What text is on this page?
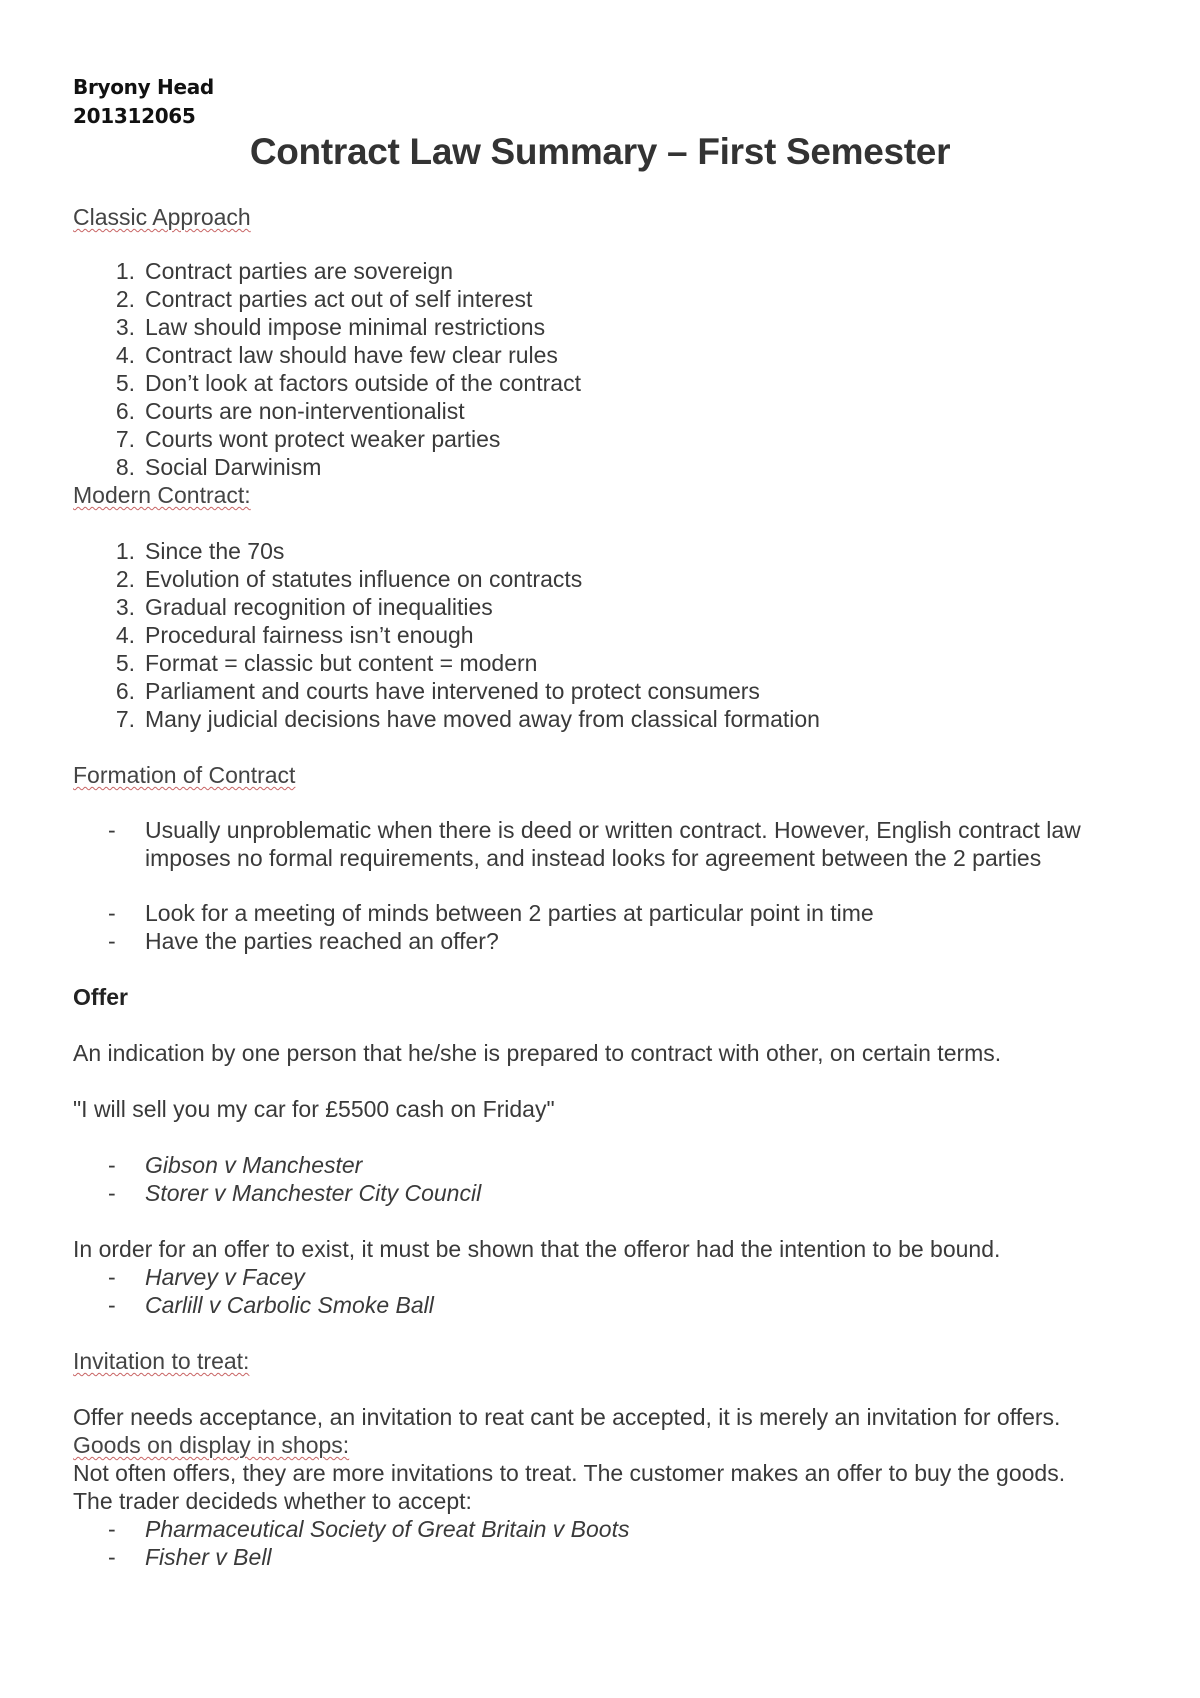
Bryony Head
201312065
Contract Law Summary – First Semester
Classic Approach
1. Contract parties are sovereign
2. Contract parties act out of self interest
3. Law should impose minimal restrictions
4. Contract law should have few clear rules
5. Don’t look at factors outside of the contract
6. Courts are non-interventionalist
7. Courts wont protect weaker parties
8. Social Darwinism
Modern Contract:
1. Since the 70s
2. Evolution of statutes influence on contracts
3. Gradual recognition of inequalities
4. Procedural fairness isn’t enough
5. Format = classic but content = modern
6. Parliament and courts have intervened to protect consumers
7. Many judicial decisions have moved away from classical formation
Formation of Contract
- Usually unproblematic when there is deed or written contract. However, English contract law imposes no formal requirements, and instead looks for agreement between the 2 parties
- Look for a meeting of minds between 2 parties at particular point in time
- Have the parties reached an offer?
Offer
An indication by one person that he/she is prepared to contract with other, on certain terms.
"I will sell you my car for £5500 cash on Friday"
- Gibson v Manchester
- Storer v Manchester City Council
In order for an offer to exist, it must be shown that the offeror had the intention to be bound.
- Harvey v Facey
- Carlill v Carbolic Smoke Ball
Invitation to treat:
Offer needs acceptance, an invitation to reat cant be accepted, it is merely an invitation for offers.
Goods on display in shops:
Not often offers, they are more invitations to treat. The customer makes an offer to buy the goods.
The trader decideds whether to accept:
- Pharmaceutical Society of Great Britain v Boots
- Fisher v Bell
